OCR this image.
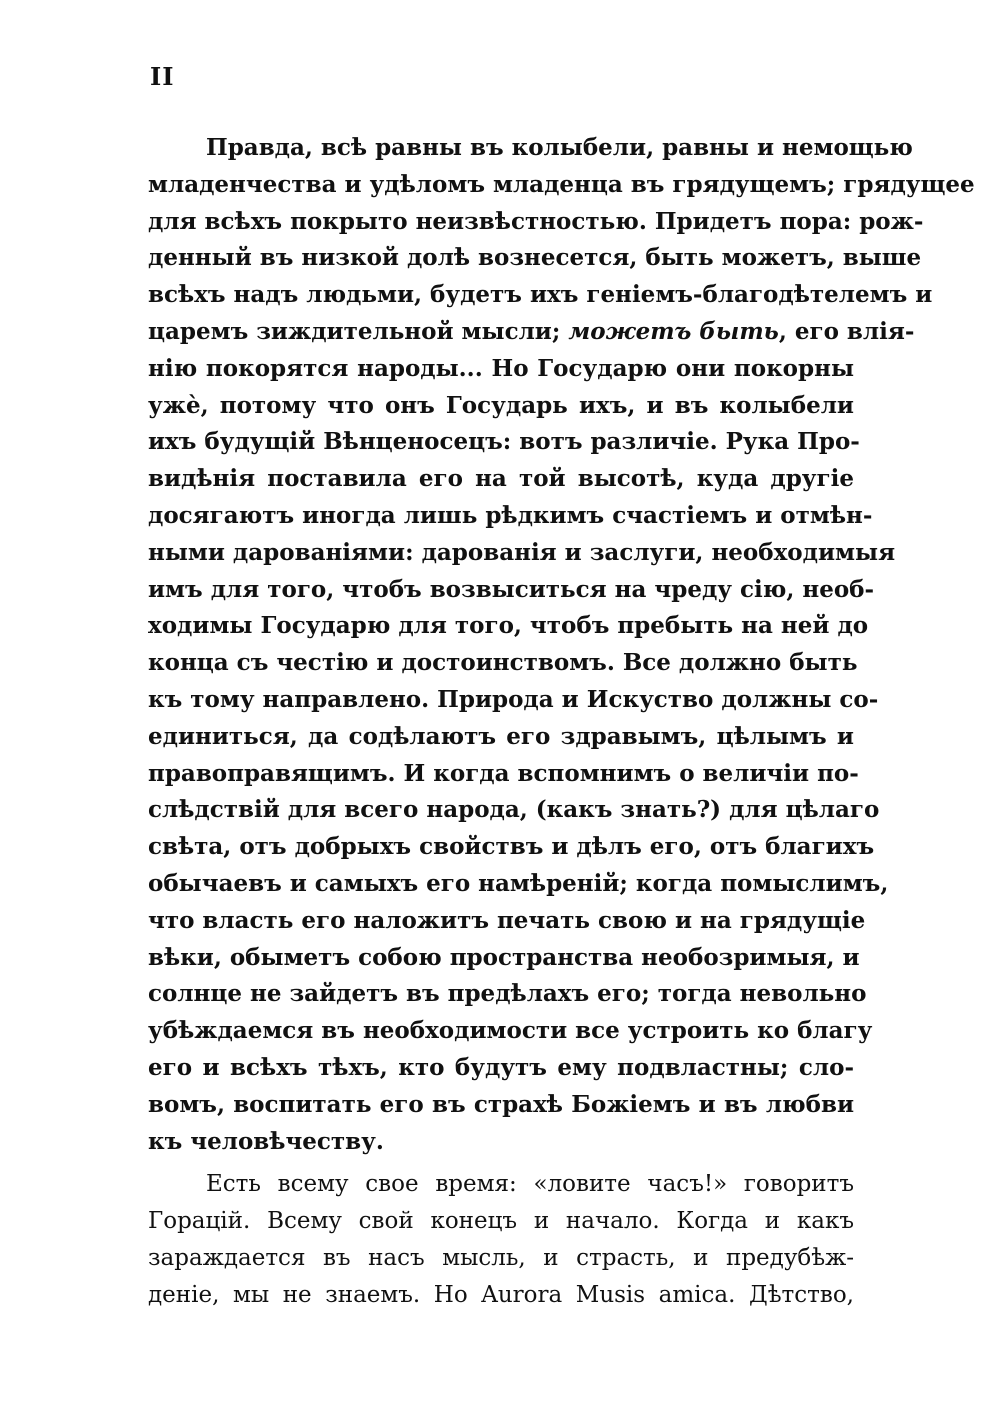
II
Правда, всѣ равны въ колыбели, равны и немощью
младенчества и удѣломъ младенца въ грядущемъ; грядущее
для всѣхъ покрыто неизвѣстностью. Придетъ пора: рож-
денный въ низкой долѣ вознесется, быть можетъ, выше
всѣхъ надъ людьми, будетъ ихъ геніемъ-благодѣтелемъ и
царемъ зиждительной мысли; можетъ быть, его влія-
нію покорятся народы... Но Государю они покорны
ужѐ, потому что онъ Государь ихъ, и въ колыбели
ихъ будущій Вѣнценосецъ: вотъ различіе. Рука Про-
видѣнія поставила его на той высотѣ, куда другіе
досягаютъ иногда лишь рѣдкимъ счастіемъ и отмѣн-
ными дарованіями: дарованія и заслуги, необходимыя
имъ для того, чтобъ возвыситься на чреду сію, необ-
ходимы Государю для того, чтобъ пребыть на ней до
конца съ честію и достоинствомъ. Все должно быть
къ тому направлено. Природа и Искуство должны со-
единиться, да содѣлаютъ его здравымъ, цѣлымъ и
правоправящимъ. И когда вспомнимъ о величіи по-
слѣдствій для всего народа, (какъ знать?) для цѣлаго
свѣта, отъ добрыхъ свойствъ и дѣлъ его, отъ благихъ
обычаевъ и самыхъ его намѣреній; когда помыслимъ,
что власть его наложитъ печать свою и на грядущіе
вѣки, обыметъ собою пространства необозримыя, и
солнце не зайдетъ въ предѣлахъ его; тогда невольно
убѣждаемся въ необходимости все устроить ко благу
его и всѣхъ тѣхъ, кто будутъ ему подвластны; сло-
вомъ, воспитать его въ страхѣ Божіемъ и въ любви
къ человѣчеству.
Есть всему свое время: «ловите часъ!» говоритъ
Горацій. Всему свой конецъ и начало. Когда и какъ
зараждается въ насъ мысль, и страсть, и предубѣж-
деніе, мы не знаемъ. Но Aurora Musis amica. Дѣтство,
